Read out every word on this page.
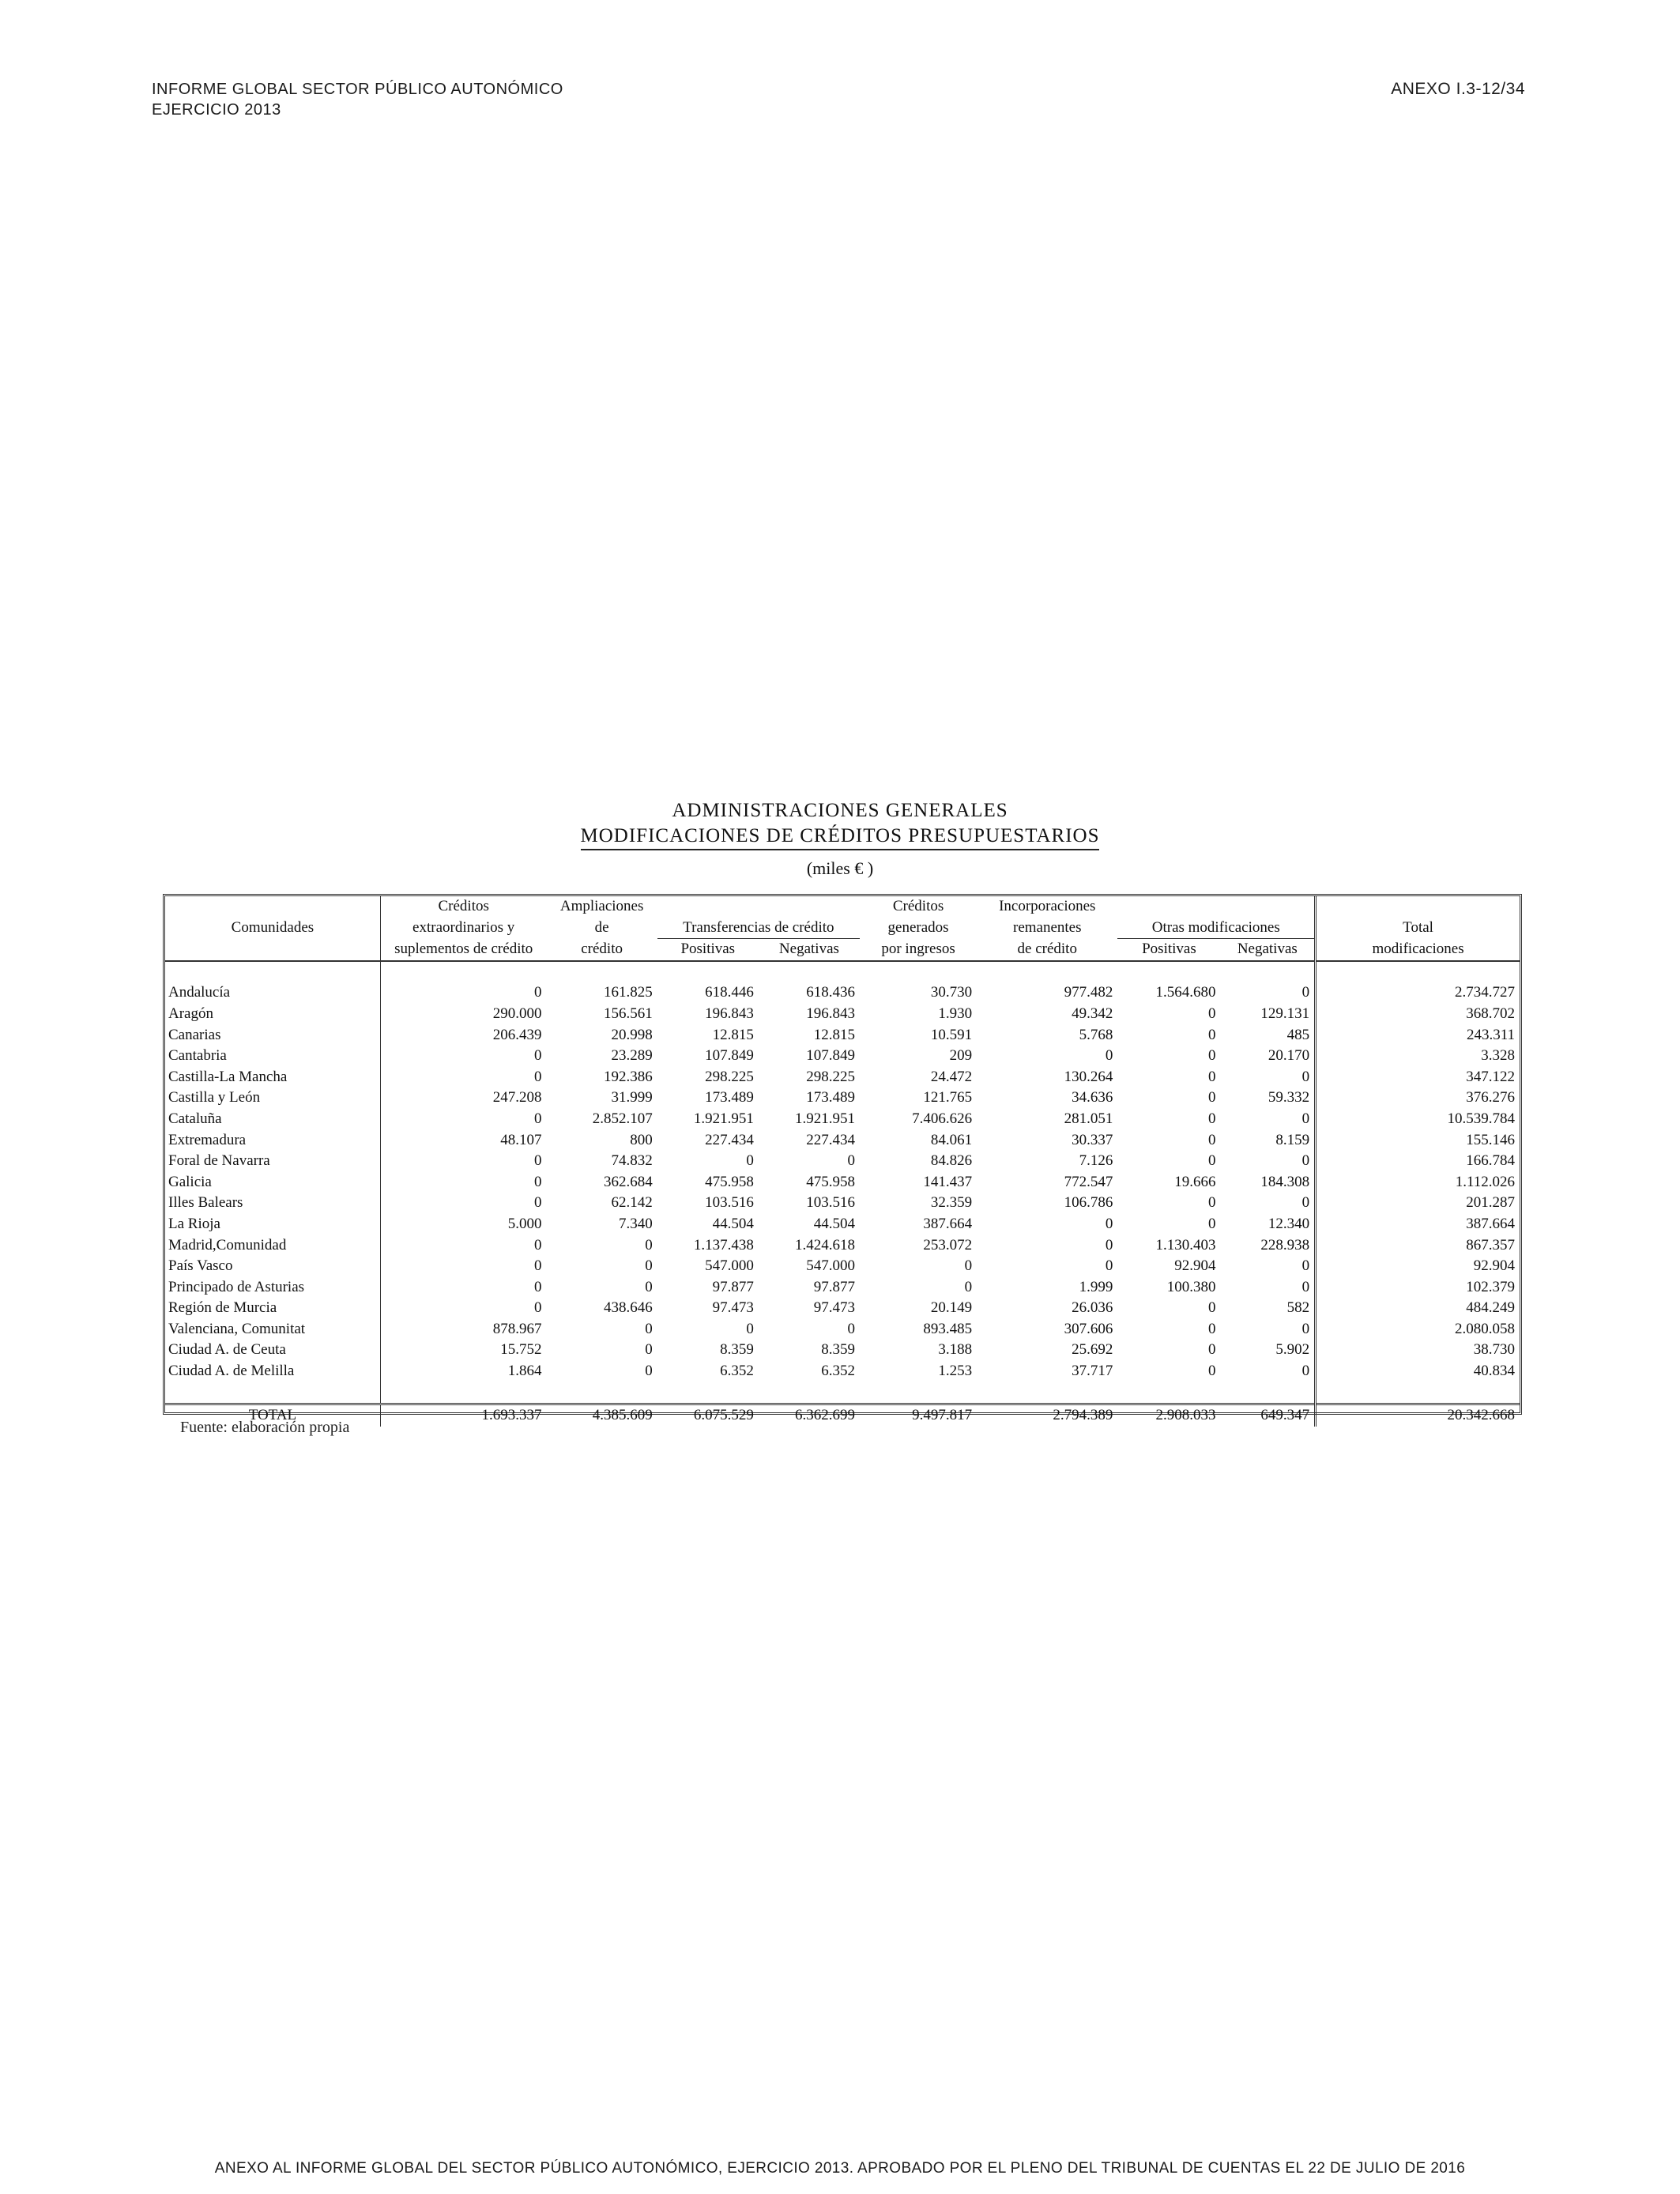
INFORME GLOBAL SECTOR PÚBLICO AUTONÓMICO
EJERCICIO 2013
ANEXO I.3-12/34
ADMINISTRACIONES GENERALES
MODIFICACIONES DE CRÉDITOS PRESUPUESTARIOS
(miles € )
	Créditos	Ampliaciones			Créditos	Incorporaciones			
Comunidades	extraordinarios y	de	Transferencias de crédito		generados	remanentes	Otras modificaciones		Total
	suplementos de crédito	crédito	Positivas	Negativas	por ingresos	de crédito	Positivas	Negativas	modificaciones

Andalucía	0	161.825	618.446	618.436	30.730	977.482	1.564.680	0	2.734.727
Aragón	290.000	156.561	196.843	196.843	1.930	49.342	0	129.131	368.702
Canarias	206.439	20.998	12.815	12.815	10.591	5.768	0	485	243.311
Cantabria	0	23.289	107.849	107.849	209	0	0	20.170	3.328
Castilla-La Mancha	0	192.386	298.225	298.225	24.472	130.264	0	0	347.122
Castilla y León	247.208	31.999	173.489	173.489	121.765	34.636	0	59.332	376.276
Cataluña	0	2.852.107	1.921.951	1.921.951	7.406.626	281.051	0	0	10.539.784
Extremadura	48.107	800	227.434	227.434	84.061	30.337	0	8.159	155.146
Foral de Navarra	0	74.832	0	0	84.826	7.126	0	0	166.784
Galicia	0	362.684	475.958	475.958	141.437	772.547	19.666	184.308	1.112.026
Illes Balears	0	62.142	103.516	103.516	32.359	106.786	0	0	201.287
La Rioja	5.000	7.340	44.504	44.504	387.664	0	0	12.340	387.664
Madrid,Comunidad	0	0	1.137.438	1.424.618	253.072	0	1.130.403	228.938	867.357
País Vasco	0	0	547.000	547.000	0	0	92.904	0	92.904
Principado de Asturias	0	0	97.877	97.877	0	1.999	100.380	0	102.379
Región de Murcia	0	438.646	97.473	97.473	20.149	26.036	0	582	484.249
Valenciana, Comunitat	878.967	0	0	0	893.485	307.606	0	0	2.080.058
Ciudad A. de Ceuta	15.752	0	8.359	8.359	3.188	25.692	0	5.902	38.730
Ciudad A. de Melilla	1.864	0	6.352	6.352	1.253	37.717	0	0	40.834

TOTAL	1.693.337	4.385.609	6.075.529	6.362.699	9.497.817	2.794.389	2.908.033	649.347	20.342.668
Fuente: elaboración propia
ANEXO AL INFORME GLOBAL DEL SECTOR PÚBLICO AUTONÓMICO, EJERCICIO 2013. APROBADO POR EL PLENO DEL TRIBUNAL DE CUENTAS EL 22 DE JULIO DE 2016
